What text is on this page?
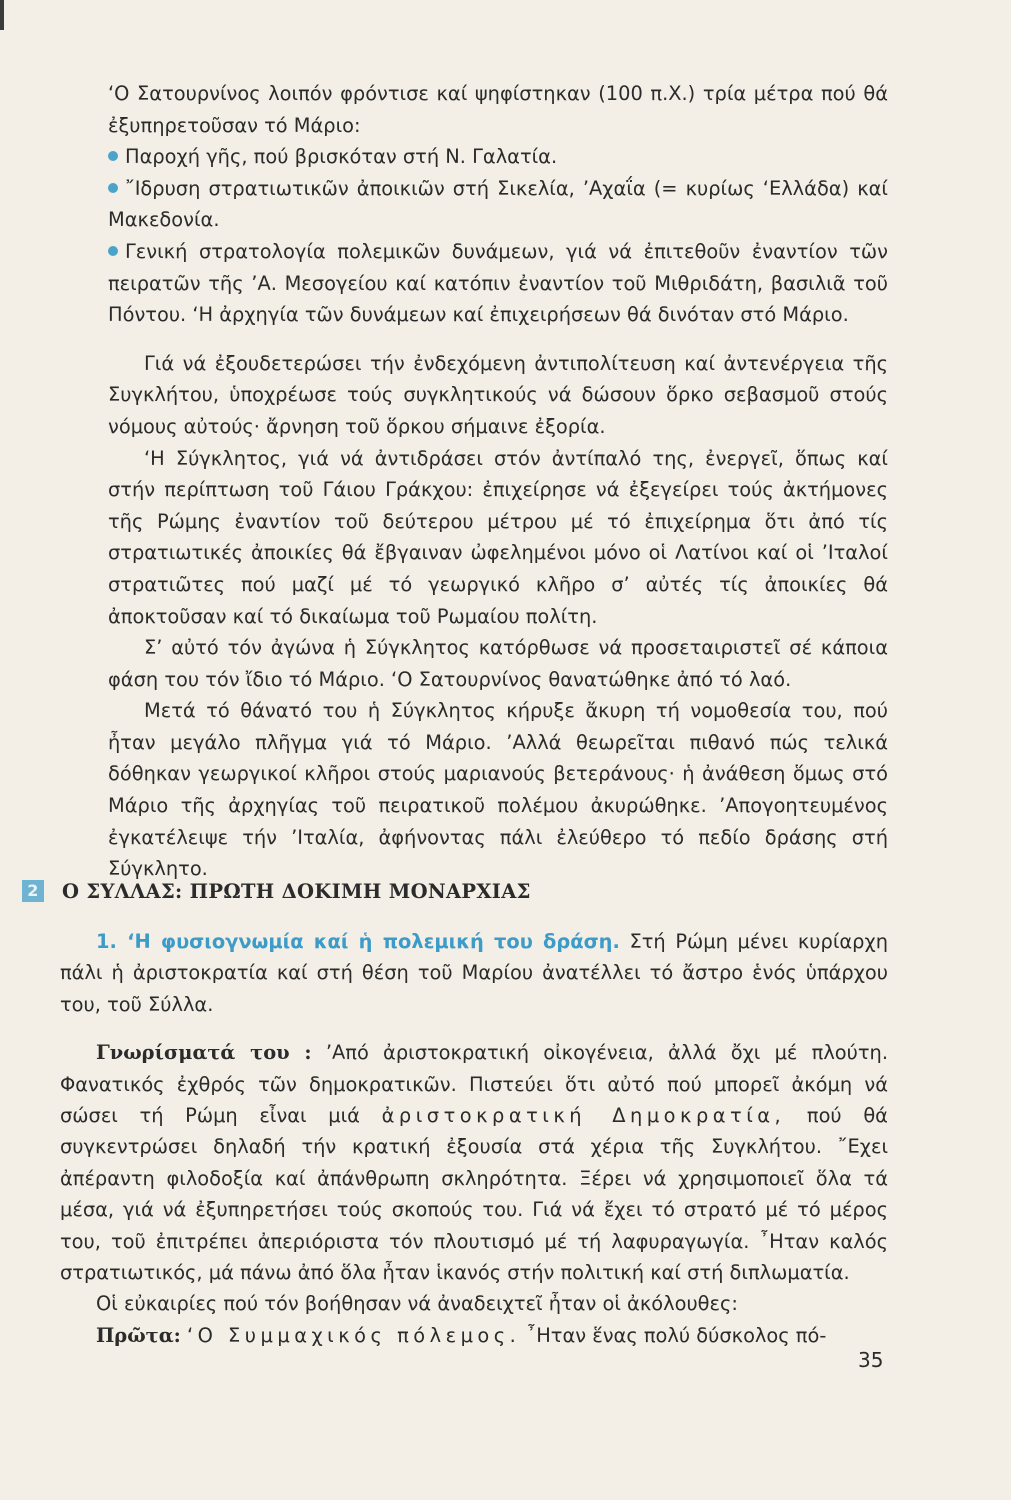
‘Ο Σατουρνίνος λοιπόν φρόντισε καί ψηφίστηκαν (100 π.Χ.) τρία μέτρα πού θά ἐξυπηρετοῦσαν τό Μάριο:

Παροχή γῆς, πού βρισκόταν στή Ν. Γαλατία.

῎Ιδρυση στρατιωτικῶν ἀποικιῶν στή Σικελία, ’Αχαΐα (= κυρίως ‘Ελλάδα) καί Μακεδονία.

Γενική στρατολογία πολεμικῶν δυνάμεων, γιά νά ἐπιτεθοῦν ἐναντίον τῶν πειρατῶν τῆς ’Α. Μεσογείου καί κατόπιν ἐναντίον τοῦ Μιθριδάτη, βασιλιᾶ τοῦ Πόντου. ‘Η ἀρχηγία τῶν δυνάμεων καί ἐπιχειρήσεων θά δινόταν στό Μάριο.

Γιά νά ἐξουδετερώσει τήν ἐνδεχόμενη ἀντιπολίτευση καί ἀντενέργεια τῆς Συγκλήτου, ὑποχρέωσε τούς συγκλητικούς νά δώσουν ὅρκο σεβασμοῦ στούς νόμους αὐτούς· ἄρνηση τοῦ ὅρκου σήμαινε ἐξορία.

‘Η Σύγκλητος, γιά νά ἀντιδράσει στόν ἀντίπαλό της, ἐνεργεῖ, ὅπως καί στήν περίπτωση τοῦ Γάιου Γράκχου: ἐπιχείρησε νά ἐξεγείρει τούς ἀκτήμονες τῆς Ρώμης ἐναντίον τοῦ δεύτερου μέτρου μέ τό ἐπιχείρημα ὅτι ἀπό τίς στρατιωτικές ἀποικίες θά ἔβγαιναν ὠφελημένοι μόνο οἱ Λατίνοι καί οἱ ’Ιταλοί στρατιῶτες πού μαζί μέ τό γεωργικό κλῆρο σ’ αὐτές τίς ἀποικίες θά ἀποκτοῦσαν καί τό δικαίωμα τοῦ Ρωμαίου πολίτη.

Σ’ αὐτό τόν ἀγώνα ἡ Σύγκλητος κατόρθωσε νά προσεταιριστεῖ σέ κάποια φάση του τόν ἴδιο τό Μάριο. ‘Ο Σατουρνίνος θανατώθηκε ἀπό τό λαό.

Μετά τό θάνατό του ἡ Σύγκλητος κήρυξε ἄκυρη τή νομοθεσία του, πού ἦταν μεγάλο πλῆγμα γιά τό Μάριο. ’Αλλά θεωρεῖται πιθανό πώς τελικά δόθηκαν γεωργικοί κλῆροι στούς μαριανούς βετεράνους· ἡ ἀνάθεση ὅμως στό Μάριο τῆς ἀρχηγίας τοῦ πειρατικοῦ πολέμου ἀκυρώθηκε. ’Απογοητευμένος ἐγκατέλειψε τήν ’Ιταλία, ἀφήνοντας πάλι ἐλεύθερο τό πεδίο δράσης στή Σύγκλητο.

2 Ο ΣΥΛΛΑΣ: ΠΡΩΤΗ ΔΟΚΙΜΗ ΜΟΝΑΡΧΙΑΣ

1. ‘Η φυσιογνωμία καί ἡ πολεμική του δράση. Στή Ρώμη μένει κυρίαρχη πάλι ἡ ἀριστοκρατία καί στή θέση τοῦ Μαρίου ἀνατέλλει τό ἄστρο ἑνός ὑπάρχου του, τοῦ Σύλλα.

Γνωρίσματά του : ’Από ἀριστοκρατική οἰκογένεια, ἀλλά ὄχι μέ πλούτη. Φανατικός ἐχθρός τῶν δημοκρατικῶν. Πιστεύει ὅτι αὐτό πού μπορεῖ ἀκόμη νά σώσει τή Ρώμη εἶναι μιά ἀριστοκρατική Δημοκρατία, πού θά συγκεντρώσει δηλαδή τήν κρατική ἐξουσία στά χέρια τῆς Συγκλήτου. ῎Εχει ἀπέραντη φιλοδοξία καί ἀπάνθρωπη σκληρότητα. Ξέρει νά χρησιμοποιεῖ ὅλα τά μέσα, γιά νά ἐξυπηρετήσει τούς σκοπούς του. Γιά νά ἔχει τό στρατό μέ τό μέρος του, τοῦ ἐπιτρέπει ἀπεριόριστα τόν πλουτισμό μέ τή λαφυραγωγία. ῏Ηταν καλός στρατιωτικός, μά πάνω ἀπό ὅλα ἦταν ἱκανός στήν πολιτική καί στή διπλωματία.

Οἱ εὐκαιρίες πού τόν βοήθησαν νά ἀναδειχτεῖ ἦταν οἱ ἀκόλουθες:

Πρῶτα: ‘Ο Συμμαχικός πόλεμος. ῏Ηταν ἕνας πολύ δύσκολος πό-

35
